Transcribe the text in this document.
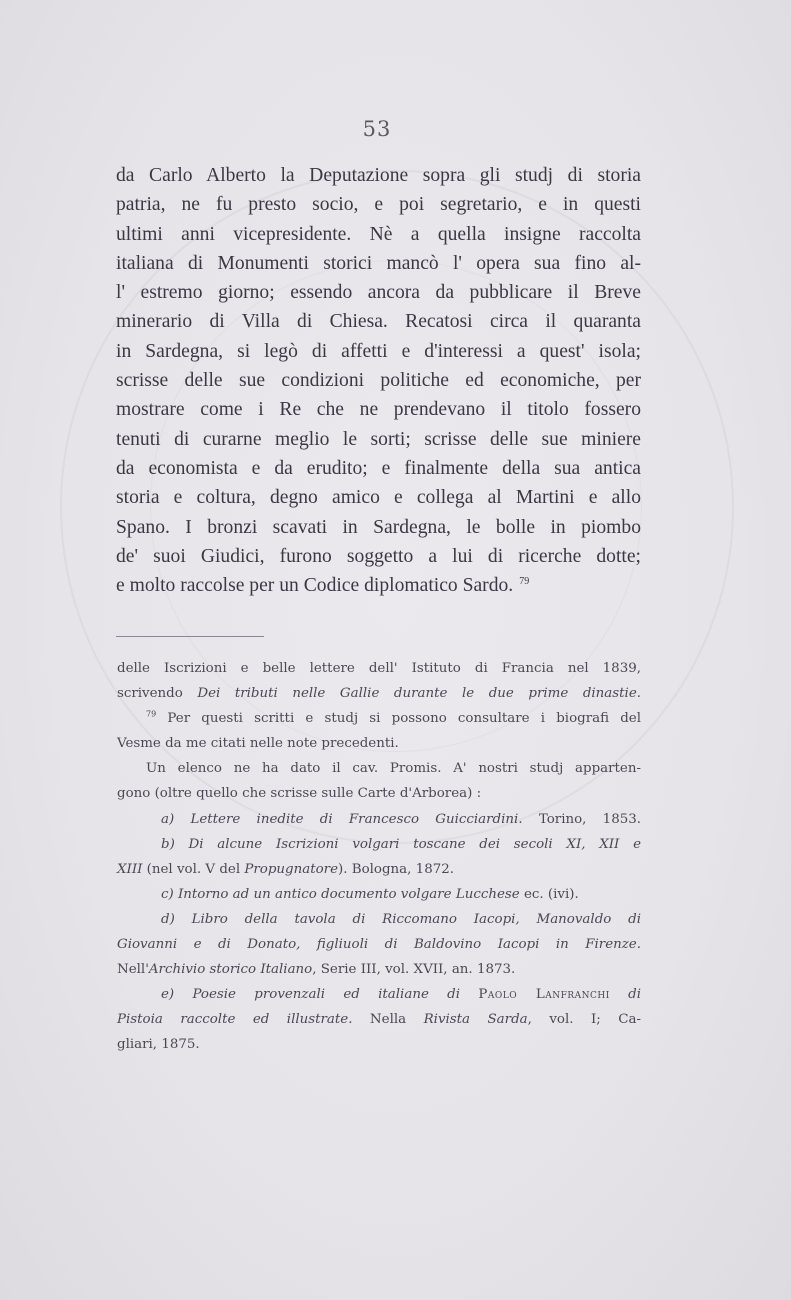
53
da Carlo Alberto la Deputazione sopra gli studj di storia
patria, ne fu presto socio, e poi segretario, e in questi
ultimi anni vicepresidente. Nè a quella insigne raccolta
italiana di Monumenti storici mancò l' opera sua fino al-
l' estremo giorno; essendo ancora da pubblicare il Breve
minerario di Villa di Chiesa. Recatosi circa il quaranta
in Sardegna, si legò di affetti e d'interessi a quest' isola;
scrisse delle sue condizioni politiche ed economiche, per
mostrare come i Re che ne prendevano il titolo fossero
tenuti di curarne meglio le sorti; scrisse delle sue miniere
da economista e da erudito; e finalmente della sua antica
storia e coltura, degno amico e collega al Martini e allo
Spano. I bronzi scavati in Sardegna, le bolle in piombo
de' suoi Giudici, furono soggetto a lui di ricerche dotte;
e molto raccolse per un Codice diplomatico Sardo. $^{79}$
delle Iscrizioni e belle lettere dell' Istituto di Francia nel 1839,
scrivendo Dei tributi nelle Gallie durante le due prime dinastie.
$^{79}$ Per questi scritti e studj si possono consultare i biografi del
Vesme da me citati nelle note precedenti.
Un elenco ne ha dato il cav. Promis. A' nostri studj apparten-
gono (oltre quello che scrisse sulle Carte d'Arborea) :
a) Lettere inedite di Francesco Guicciardini. Torino, 1853.
b) Di alcune Iscrizioni volgari toscane dei secoli XI, XII e
XIII (nel vol. V del Propugnatore). Bologna, 1872.
c) Intorno ad un antico documento volgare Lucchese ec. (ivi).
d) Libro della tavola di Riccomano Iacopi, Manovaldo di
Giovanni e di Donato, figliuoli di Baldovino Iacopi in Firenze.
Nell'Archivio storico Italiano, Serie III, vol. XVII, an. 1873.
e) Poesie provenzali ed italiane di Paolo Lanfranchi di
Pistoia raccolte ed illustrate. Nella Rivista Sarda, vol. I; Ca-
gliari, 1875.
